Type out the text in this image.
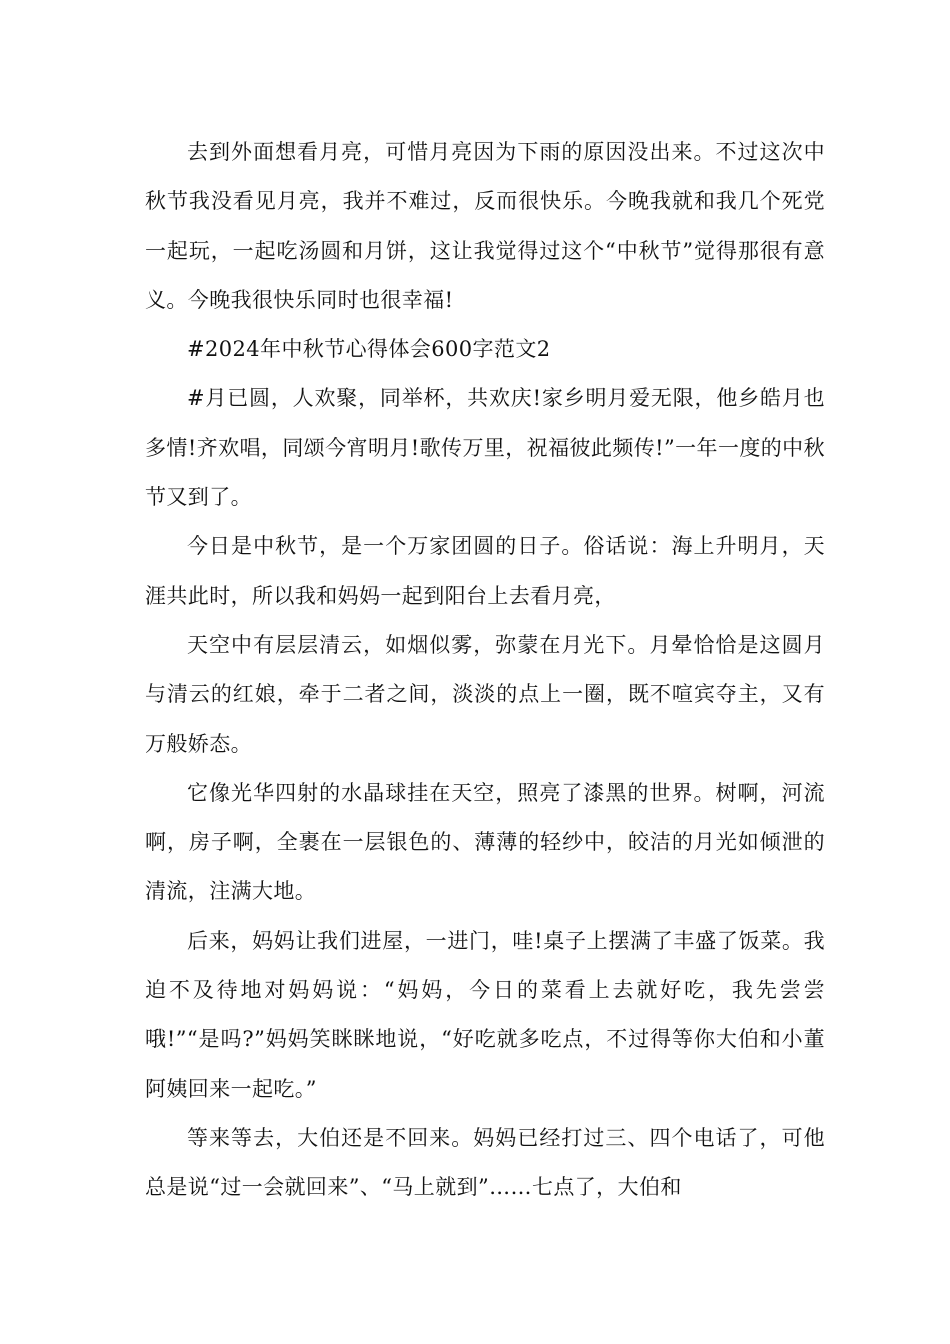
去到外面想看月亮，可惜月亮因为下雨的原因没出来。不过这次中秋节我没看见月亮，我并不难过，反而很快乐。今晚我就和我几个死党一起玩，一起吃汤圆和月饼，这让我觉得过这个“中秋节”觉得那很有意义。今晚我很快乐同时也很幸福!

#2024年中秋节心得体会600字范文2

#月已圆，人欢聚，同举杯，共欢庆!家乡明月爱无限，他乡皓月也多情!齐欢唱，同颂今宵明月!歌传万里，祝福彼此频传!”一年一度的中秋节又到了。

今日是中秋节，是一个万家团圆的日子。俗话说：海上升明月，天涯共此时，所以我和妈妈一起到阳台上去看月亮，

天空中有层层清云，如烟似雾，弥蒙在月光下。月晕恰恰是这圆月与清云的红娘，牵于二者之间，淡淡的点上一圈，既不喧宾夺主，又有万般娇态。

它像光华四射的水晶球挂在天空，照亮了漆黑的世界。树啊，河流啊，房子啊，全裹在一层银色的、薄薄的轻纱中，皎洁的月光如倾泄的清流，注满大地。

后来，妈妈让我们进屋，一进门，哇!桌子上摆满了丰盛了饭菜。我迫不及待地对妈妈说：“妈妈，今日的菜看上去就好吃，我先尝尝哦!”“是吗?”妈妈笑眯眯地说，“好吃就多吃点，不过得等你大伯和小董阿姨回来一起吃。”

等来等去，大伯还是不回来。妈妈已经打过三、四个电话了，可他总是说“过一会就回来”、“马上就到”……七点了，大伯和
